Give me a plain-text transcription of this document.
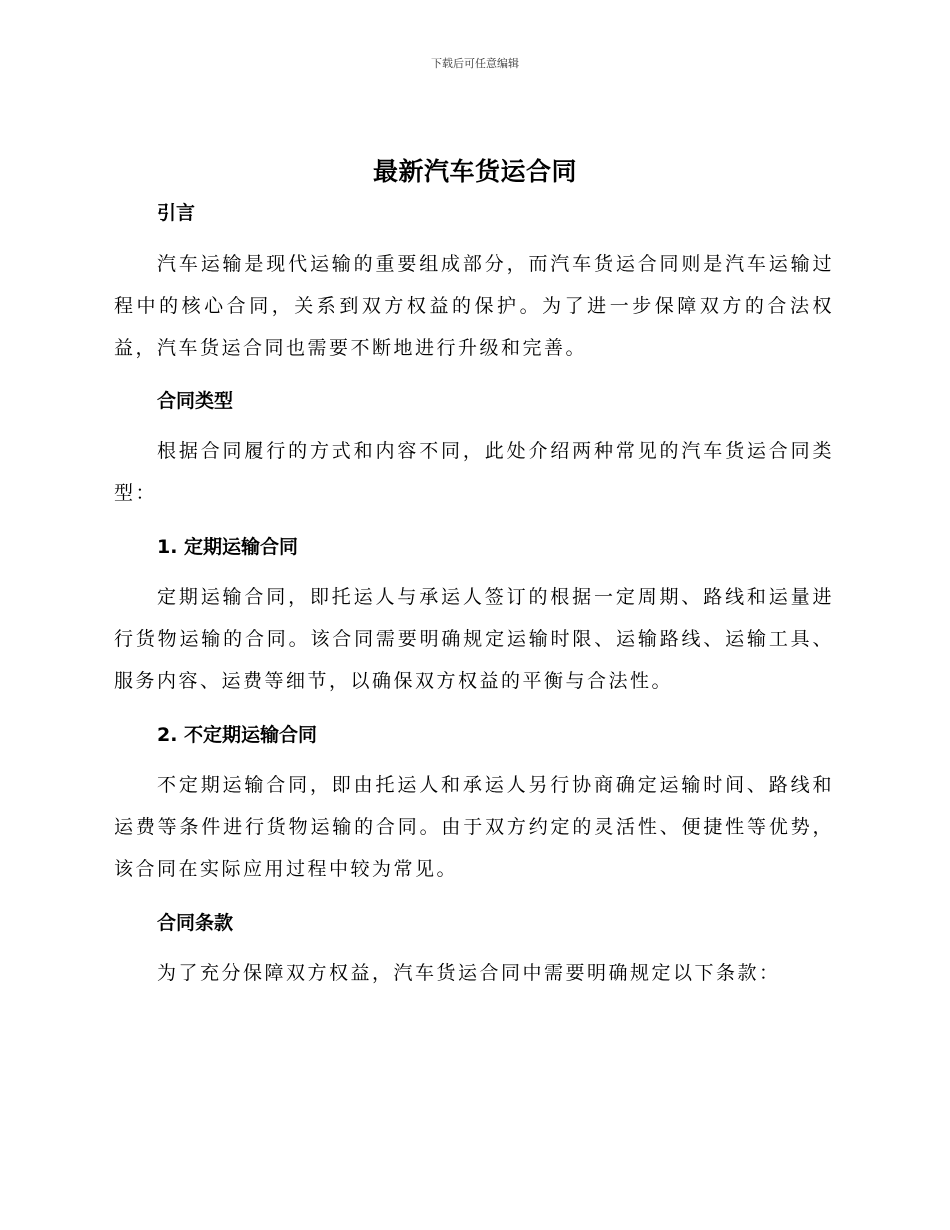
下载后可任意编辑
最新汽车货运合同
引言

汽车运输是现代运输的重要组成部分，而汽车货运合同则是汽车运输过程中的核心合同，关系到双方权益的保护。为了进一步保障双方的合法权益，汽车货运合同也需要不断地进行升级和完善。

合同类型

根据合同履行的方式和内容不同，此处介绍两种常见的汽车货运合同类型：

1. 定期运输合同

定期运输合同，即托运人与承运人签订的根据一定周期、路线和运量进行货物运输的合同。该合同需要明确规定运输时限、运输路线、运输工具、服务内容、运费等细节，以确保双方权益的平衡与合法性。

2. 不定期运输合同

不定期运输合同，即由托运人和承运人另行协商确定运输时间、路线和运费等条件进行货物运输的合同。由于双方约定的灵活性、便捷性等优势，该合同在实际应用过程中较为常见。

合同条款

为了充分保障双方权益，汽车货运合同中需要明确规定以下条款：
